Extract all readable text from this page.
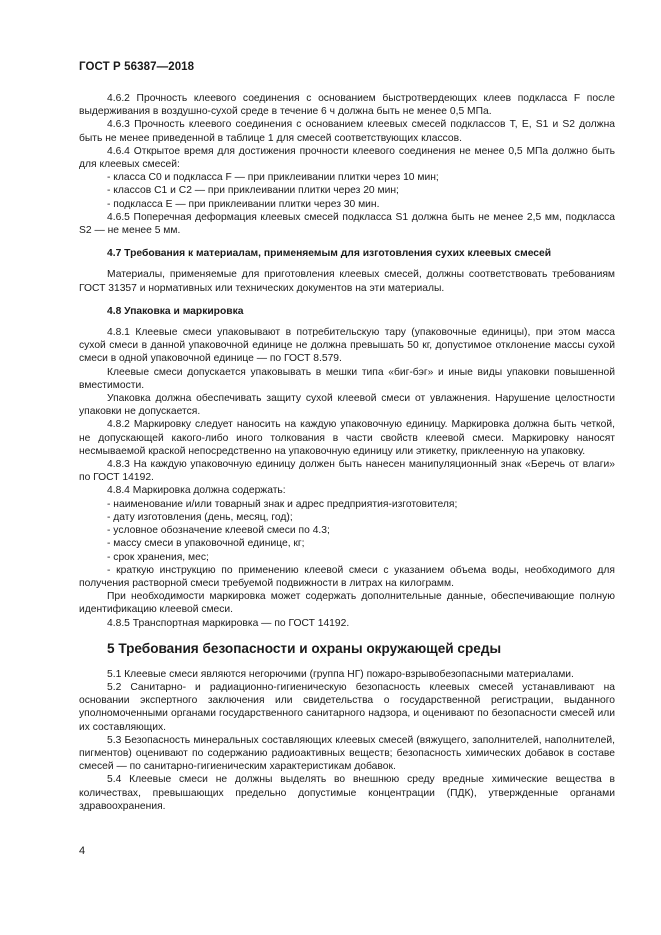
ГОСТ Р 56387—2018

4.6.2 Прочность клеевого соединения с основанием быстротвердеющих клеев подкласса F после выдерживания в воздушно-сухой среде в течение 6 ч должна быть не менее 0,5 МПа.

4.6.3 Прочность клеевого соединения с основанием клеевых смесей подклассов Т, Е, S1 и S2 должна быть не менее приведенной в таблице 1 для смесей соответствующих классов.

4.6.4 Открытое время для достижения прочности клеевого соединения не менее 0,5 МПа должно быть для клеевых смесей:

- класса С0 и подкласса F — при приклеивании плитки через 10 мин;

- классов С1 и С2 — при приклеивании плитки через 20 мин;

- подкласса Е — при приклеивании плитки через 30 мин.

4.6.5 Поперечная деформация клеевых смесей подкласса S1 должна быть не менее 2,5 мм, подкласса S2 — не менее 5 мм.

4.7 Требования к материалам, применяемым для изготовления сухих клеевых смесей

Материалы, применяемые для приготовления клеевых смесей, должны соответствовать требованиям ГОСТ 31357 и нормативных или технических документов на эти материалы.

4.8 Упаковка и маркировка

4.8.1 Клеевые смеси упаковывают в потребительскую тару (упаковочные единицы), при этом масса сухой смеси в данной упаковочной единице не должна превышать 50 кг, допустимое отклонение массы сухой смеси в одной упаковочной единице — по ГОСТ 8.579.

Клеевые смеси допускается упаковывать в мешки типа «биг-бэг» и иные виды упаковки повышенной вместимости.

Упаковка должна обеспечивать защиту сухой клеевой смеси от увлажнения. Нарушение целостности упаковки не допускается.

4.8.2 Маркировку следует наносить на каждую упаковочную единицу. Маркировка должна быть четкой, не допускающей какого-либо иного толкования в части свойств клеевой смеси. Маркировку наносят несмываемой краской непосредственно на упаковочную единицу или этикетку, приклеенную на упаковку.

4.8.3 На каждую упаковочную единицу должен быть нанесен манипуляционный знак «Беречь от влаги» по ГОСТ 14192.

4.8.4 Маркировка должна содержать:

- наименование и/или товарный знак и адрес предприятия-изготовителя;

- дату изготовления (день, месяц, год);

- условное обозначение клеевой смеси по 4.3;

- массу смеси в упаковочной единице, кг;

- срок хранения, мес;

- краткую инструкцию по применению клеевой смеси с указанием объема воды, необходимого для получения растворной смеси требуемой подвижности в литрах на килограмм.

При необходимости маркировка может содержать дополнительные данные, обеспечивающие полную идентификацию клеевой смеси.

4.8.5 Транспортная маркировка — по ГОСТ 14192.

5 Требования безопасности и охраны окружающей среды

5.1 Клеевые смеси являются негорючими (группа НГ) пожаро-взрывобезопасными материалами.

5.2 Санитарно- и радиационно-гигиеническую безопасность клеевых смесей устанавливают на основании экспертного заключения или свидетельства о государственной регистрации, выданного уполномоченными органами государственного санитарного надзора, и оценивают по безопасности смесей или их составляющих.

5.3 Безопасность минеральных составляющих клеевых смесей (вяжущего, заполнителей, наполнителей, пигментов) оценивают по содержанию радиоактивных веществ; безопасность химических добавок в составе смесей — по санитарно-гигиеническим характеристикам добавок.

5.4 Клеевые смеси не должны выделять во внешнюю среду вредные химические вещества в количествах, превышающих предельно допустимые концентрации (ПДК), утвержденные органами здравоохранения.

4
